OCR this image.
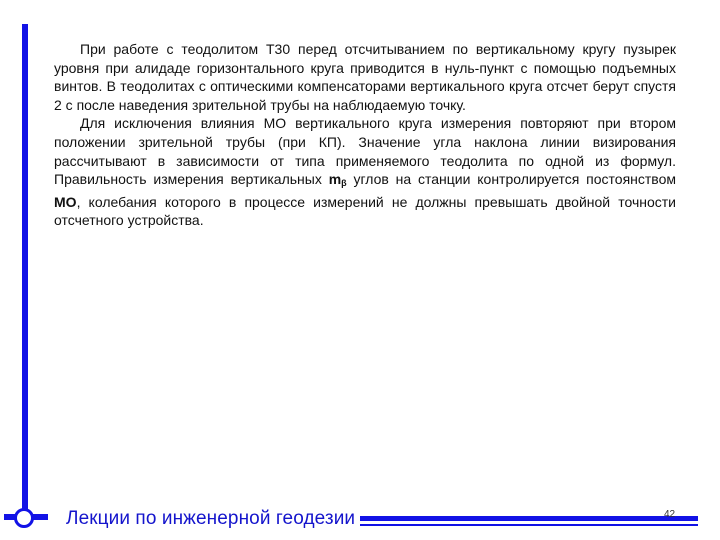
При работе с теодолитом Т30 перед отсчитыванием по вертикальному кругу пузырек уровня при алидаде горизонтального круга приводится в нуль-пункт с помощью подъемных винтов. В теодолитах с оптическими компенсаторами вертикального круга отсчет берут спустя 2 с после наведения зрительной трубы на наблюдаемую точку.

Для исключения влияния МО вертикального круга измерения повторяют при втором положении зрительной трубы (при КП). Значение угла наклона линии визирования рассчитывают в зависимости от типа применяемого теодолита по одной из формул. Правильность измерения вертикальных $m_\beta$ углов на станции контролируется постоянством МО, колебания которого в процессе измерений не должны превышать двойной точности отсчетного устройства.

Лекции по инженерной геодезии	42
